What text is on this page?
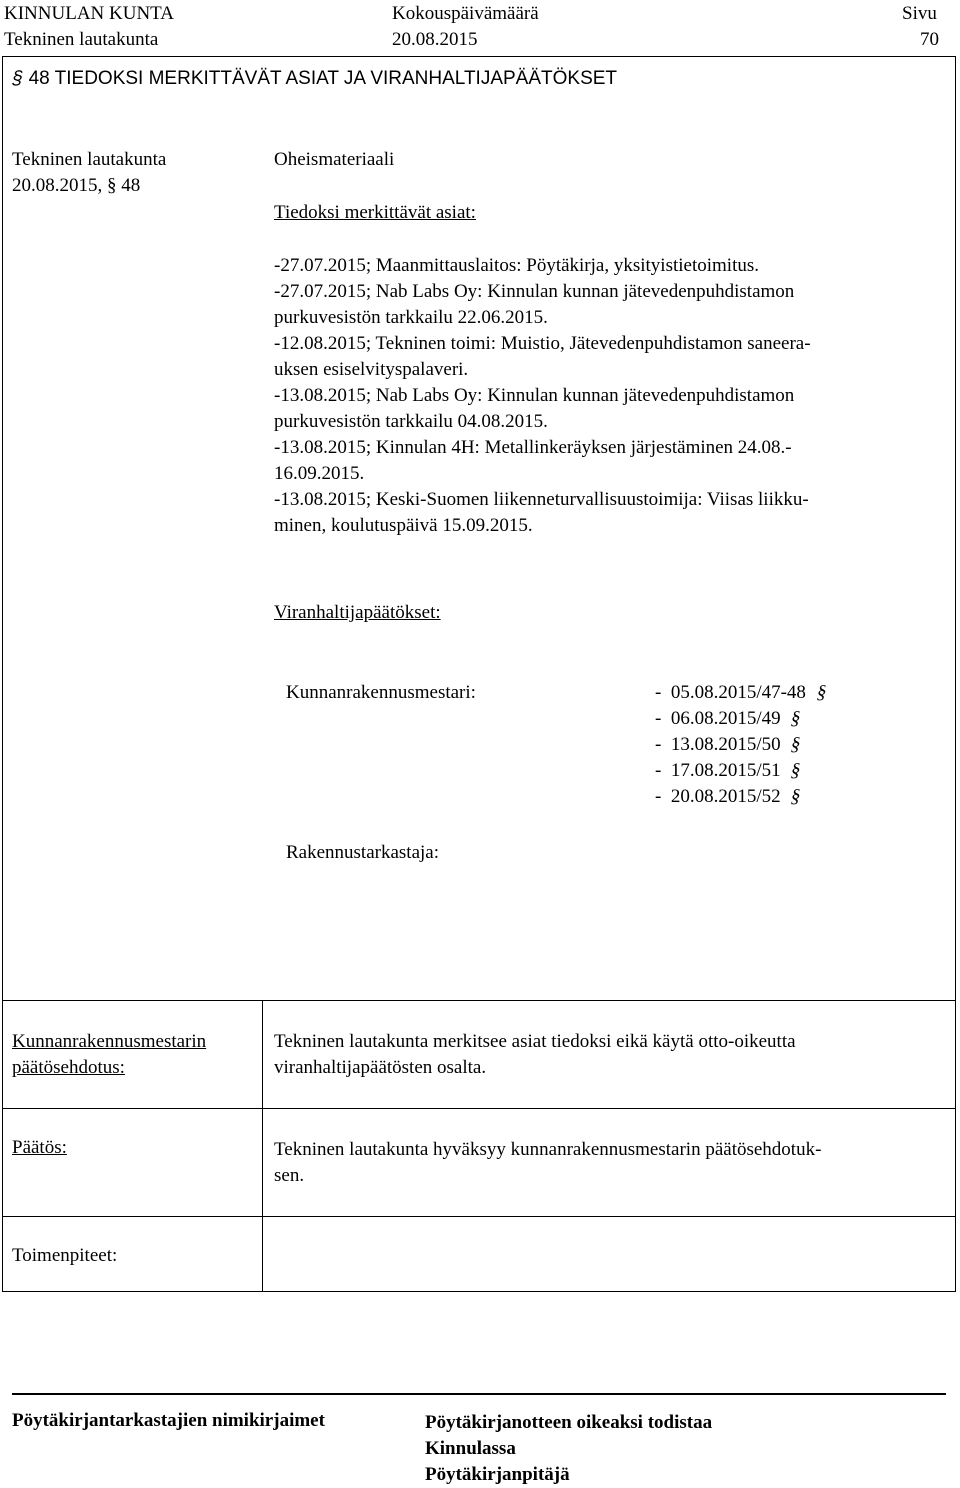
KINNULAN KUNTA	Kokouspäivämäärä	Sivu
Tekninen lautakunta	20.08.2015	70
§ 48 TIEDOKSI MERKITTÄVÄT ASIAT JA VIRANHALTIJAPÄÄTÖKSET
Tekninen lautakunta
20.08.2015, § 48
Oheismateriaali
Tiedoksi merkittävät asiat:
-27.07.2015; Maanmittauslaitos: Pöytäkirja, yksityistietoimitus.
-27.07.2015; Nab Labs Oy: Kinnulan kunnan jätevedenpuhdistamon
purkuvesistön tarkkailu 22.06.2015.
-12.08.2015; Tekninen toimi: Muistio, Jätevedenpuhdistamon saneera-
uksen esiselvityspalaveri.
-13.08.2015; Nab Labs Oy: Kinnulan kunnan jätevedenpuhdistamon
purkuvesistön tarkkailu 04.08.2015.
-13.08.2015; Kinnulan 4H: Metallinkeräyksen järjestäminen 24.08.-
16.09.2015.
-13.08.2015; Keski-Suomen liikenneturvallisuustoimija: Viisas liikku-
minen, koulutuspäivä 15.09.2015.
Viranhaltijapäätökset:
Kunnanrakennusmestari:	-  05.08.2015/47-48 §
-  06.08.2015/49 §
-  13.08.2015/50 §
-  17.08.2015/51 §
-  20.08.2015/52 §
Rakennustarkastaja:
Kunnanrakennusmestarin
päätösehdotus:
Tekninen lautakunta merkitsee asiat tiedoksi eikä käytä otto-oikeutta
viranhaltijapäätösten osalta.
Päätös:	Tekninen lautakunta hyväksyy kunnanrakennusmestarin päätösehdotuk-
sen.
Toimenpiteet:
Pöytäkirjantarkastajien nimikirjaimet	Pöytäkirjanotteen oikeaksi todistaa
Kinnulassa
Pöytäkirjanpitäjä
